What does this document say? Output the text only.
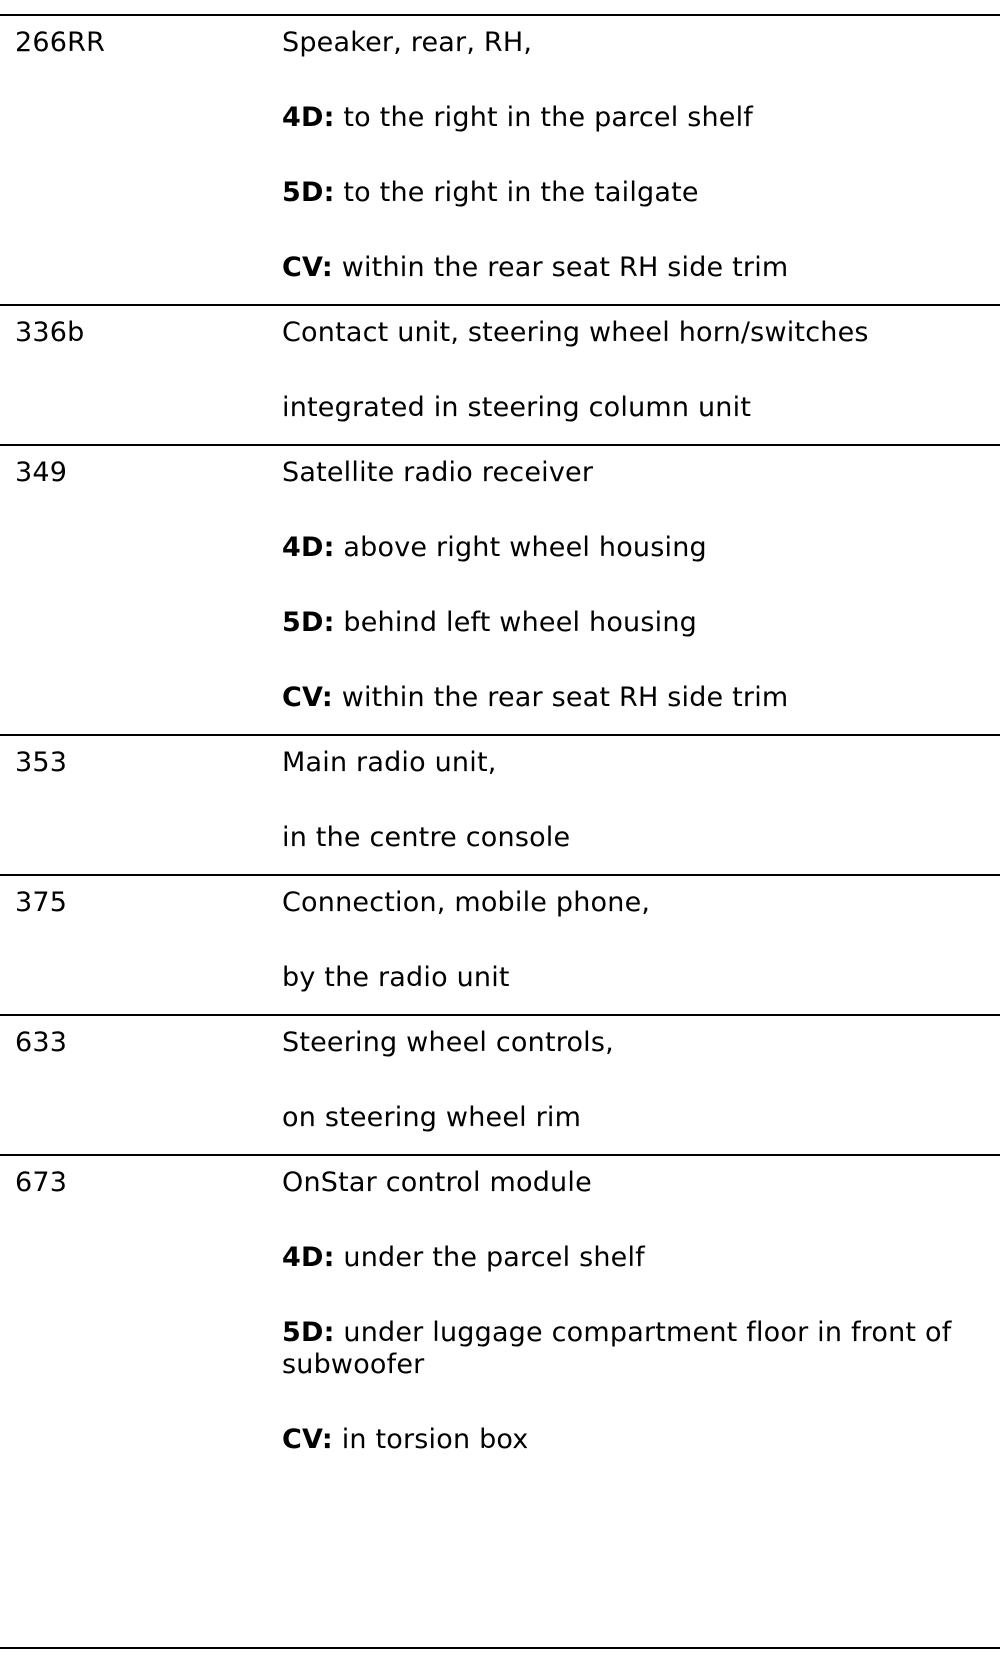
266RR	Speaker, rear, RH,
4D: to the right in the parcel shelf
5D: to the right in the tailgate
CV: within the rear seat RH side trim
336b	Contact unit, steering wheel horn/switches
integrated in steering column unit
349	Satellite radio receiver
4D: above right wheel housing
5D: behind left wheel housing
CV: within the rear seat RH side trim
353	Main radio unit,
in the centre console
375	Connection, mobile phone,
by the radio unit
633	Steering wheel controls,
on steering wheel rim
673	OnStar control module
4D: under the parcel shelf
5D: under luggage compartment floor in front of subwoofer
CV: in torsion box
